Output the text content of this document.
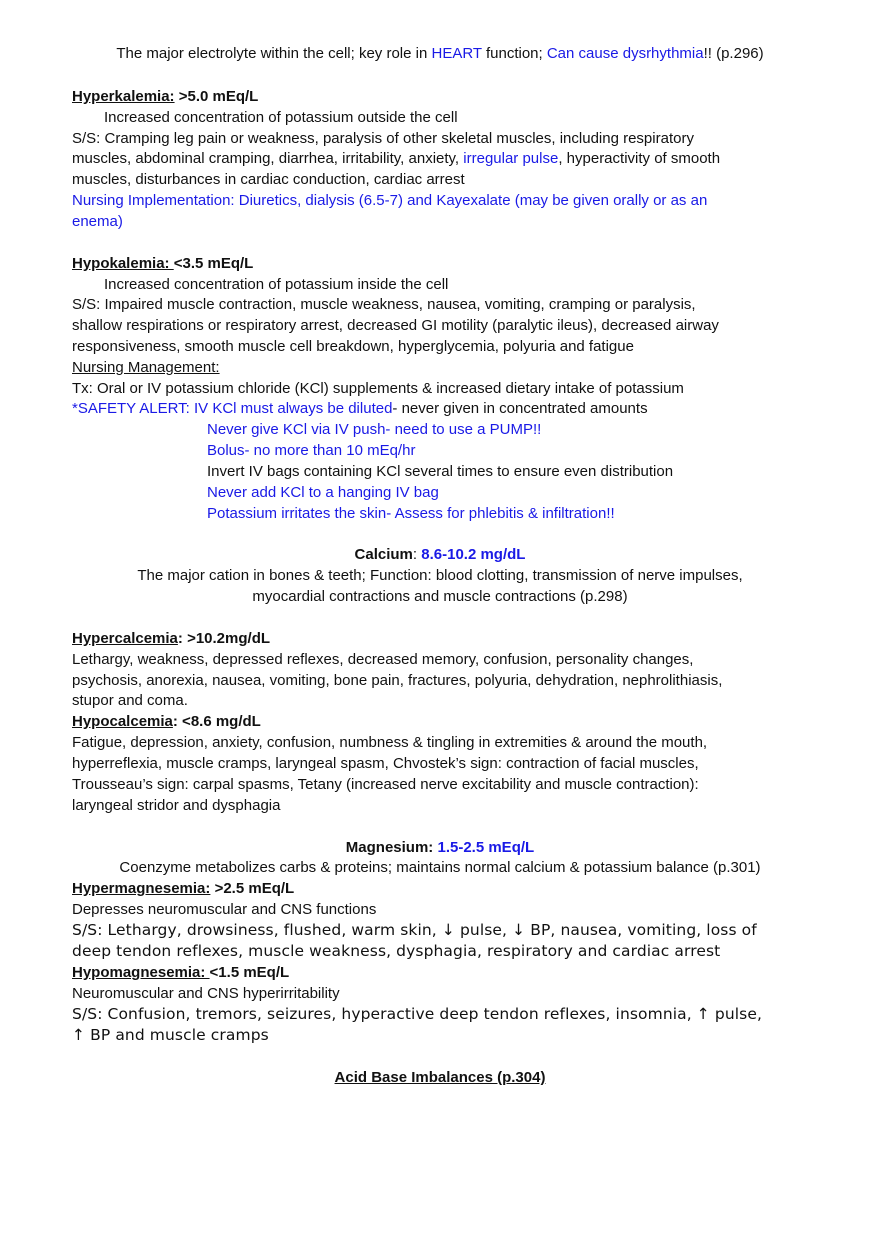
The major electrolyte within the cell; key role in HEART function; Can cause dysrhythmia!! (p.296)
Hyperkalemia: >5.0 mEq/L
Increased concentration of potassium outside the cell
S/S: Cramping leg pain or weakness, paralysis of other skeletal muscles, including respiratory
muscles, abdominal cramping, diarrhea, irritability, anxiety, irregular pulse, hyperactivity of smooth
muscles, disturbances in cardiac conduction, cardiac arrest
Nursing Implementation: Diuretics, dialysis (6.5-7) and Kayexalate (may be given orally or as an
enema)
Hypokalemia: <3.5 mEq/L
Increased concentration of potassium inside the cell
S/S: Impaired muscle contraction, muscle weakness, nausea, vomiting, cramping or paralysis,
shallow respirations or respiratory arrest, decreased GI motility (paralytic ileus), decreased airway
responsiveness, smooth muscle cell breakdown, hyperglycemia, polyuria and fatigue
Nursing Management:
Tx: Oral or IV potassium chloride (KCl) supplements & increased dietary intake of potassium
*SAFETY ALERT: IV KCl must always be diluted- never given in concentrated amounts
Never give KCl via IV push- need to use a PUMP!!
Bolus- no more than 10 mEq/hr
Invert IV bags containing KCl several times to ensure even distribution
Never add KCl to a hanging IV bag
Potassium irritates the skin- Assess for phlebitis & infiltration!!
Calcium: 8.6-10.2 mg/dL
The major cation in bones & teeth; Function: blood clotting, transmission of nerve impulses,
myocardial contractions and muscle contractions (p.298)
Hypercalcemia: >10.2mg/dL
Lethargy, weakness, depressed reflexes, decreased memory, confusion, personality changes,
psychosis, anorexia, nausea, vomiting, bone pain, fractures, polyuria, dehydration, nephrolithiasis,
stupor and coma.
Hypocalcemia: <8.6 mg/dL
Fatigue, depression, anxiety, confusion, numbness & tingling in extremities & around the mouth,
hyperreflexia, muscle cramps, laryngeal spasm, Chvostek’s sign: contraction of facial muscles,
Trousseau’s sign: carpal spasms, Tetany (increased nerve excitability and muscle contraction):
laryngeal stridor and dysphagia
Magnesium: 1.5-2.5 mEq/L
Coenzyme metabolizes carbs & proteins; maintains normal calcium & potassium balance (p.301)
Hypermagnesemia: >2.5 mEq/L
Depresses neuromuscular and CNS functions
S/S: Lethargy, drowsiness, flushed, warm skin, ↓ pulse, ↓ BP, nausea, vomiting, loss of
deep tendon reflexes, muscle weakness, dysphagia, respiratory and cardiac arrest
Hypomagnesemia: <1.5 mEq/L
Neuromuscular and CNS hyperirritability
S/S: Confusion, tremors, seizures, hyperactive deep tendon reflexes, insomnia, ↑ pulse,
↑ BP and muscle cramps
Acid Base Imbalances (p.304)
